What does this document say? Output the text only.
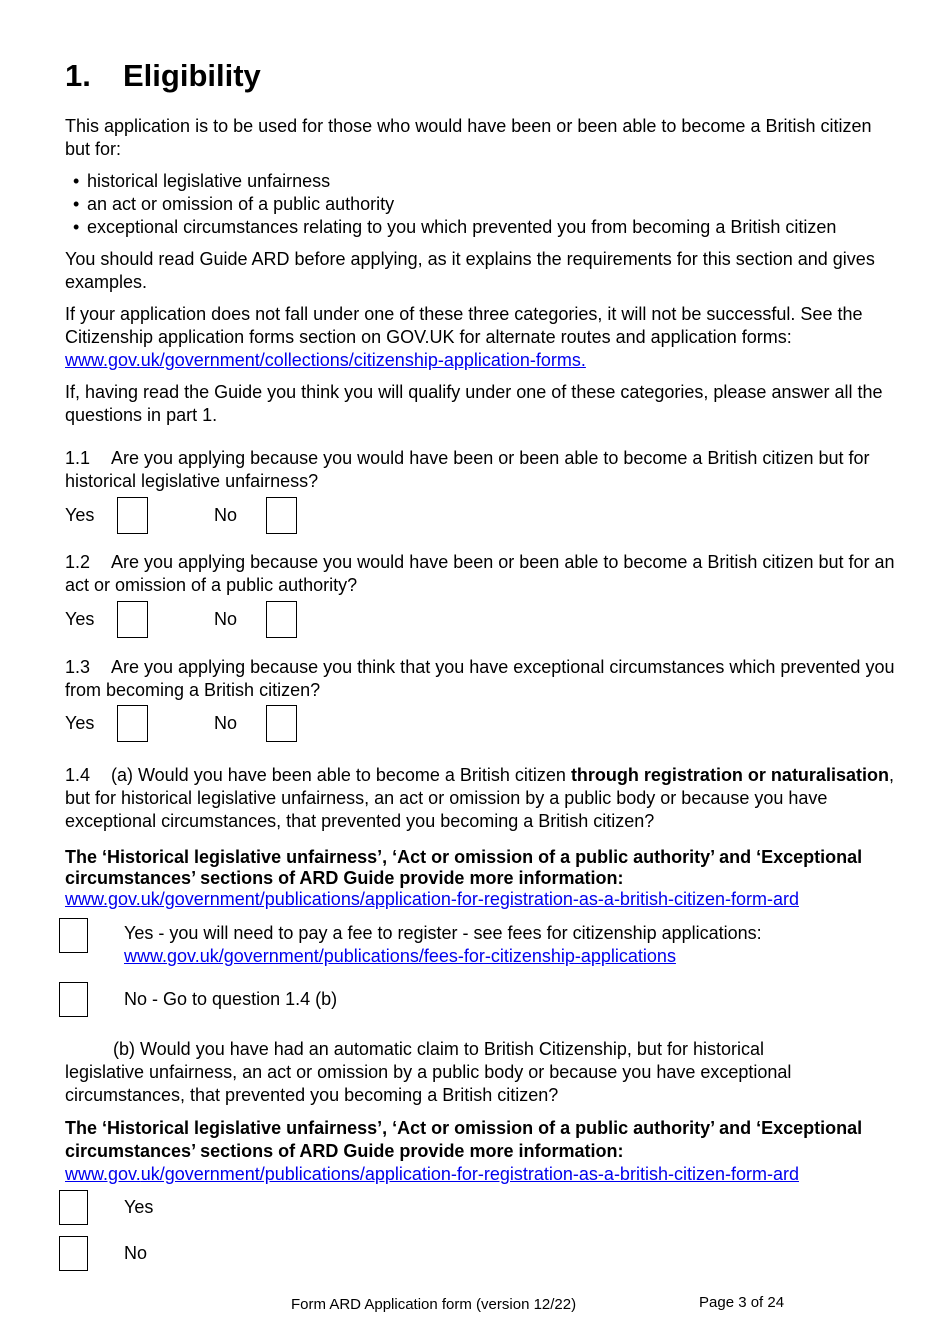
1. Eligibility

This application is to be used for those who would have been or been able to become a British citizen but for:

• historical legislative unfairness
• an act or omission of a public authority
• exceptional circumstances relating to you which prevented you from becoming a British citizen

You should read Guide ARD before applying, as it explains the requirements for this section and gives examples.

If your application does not fall under one of these three categories, it will not be successful. See the Citizenship application forms section on GOV.UK for alternate routes and application forms:
www.gov.uk/government/collections/citizenship-application-forms.

If, having read the Guide you think you will qualify under one of these categories, please answer all the questions in part 1.

1.1 Are you applying because you would have been or been able to become a British citizen but for historical legislative unfairness?

Yes	No

1.2 Are you applying because you would have been or been able to become a British citizen but for an act or omission of a public authority?

Yes	No

1.3 Are you applying because you think that you have exceptional circumstances which prevented you from becoming a British citizen?

Yes	No

1.4 (a) Would you have been able to become a British citizen through registration or naturalisation, but for historical legislative unfairness, an act or omission by a public body or because you have exceptional circumstances, that prevented you becoming a British citizen?

The ‘Historical legislative unfairness’, ‘Act or omission of a public authority’ and ‘Exceptional circumstances’ sections of ARD Guide provide more information: www.gov.uk/government/publications/application-for-registration-as-a-british-citizen-form-ard

Yes - you will need to pay a fee to register - see fees for citizenship applications: www.gov.uk/government/publications/fees-for-citizenship-applications

No - Go to question 1.4 (b)

(b) Would you have had an automatic claim to British Citizenship, but for historical
legislative unfairness, an act or omission by a public body or because you have exceptional circumstances, that prevented you becoming a British citizen?

The ‘Historical legislative unfairness’, ‘Act or omission of a public authority’ and ‘Exceptional circumstances’ sections of ARD Guide provide more information: www.gov.uk/government/publications/application-for-registration-as-a-british-citizen-form-ard

Yes
No
Form ARD Application form (version 12/22)	Page 3 of 24
